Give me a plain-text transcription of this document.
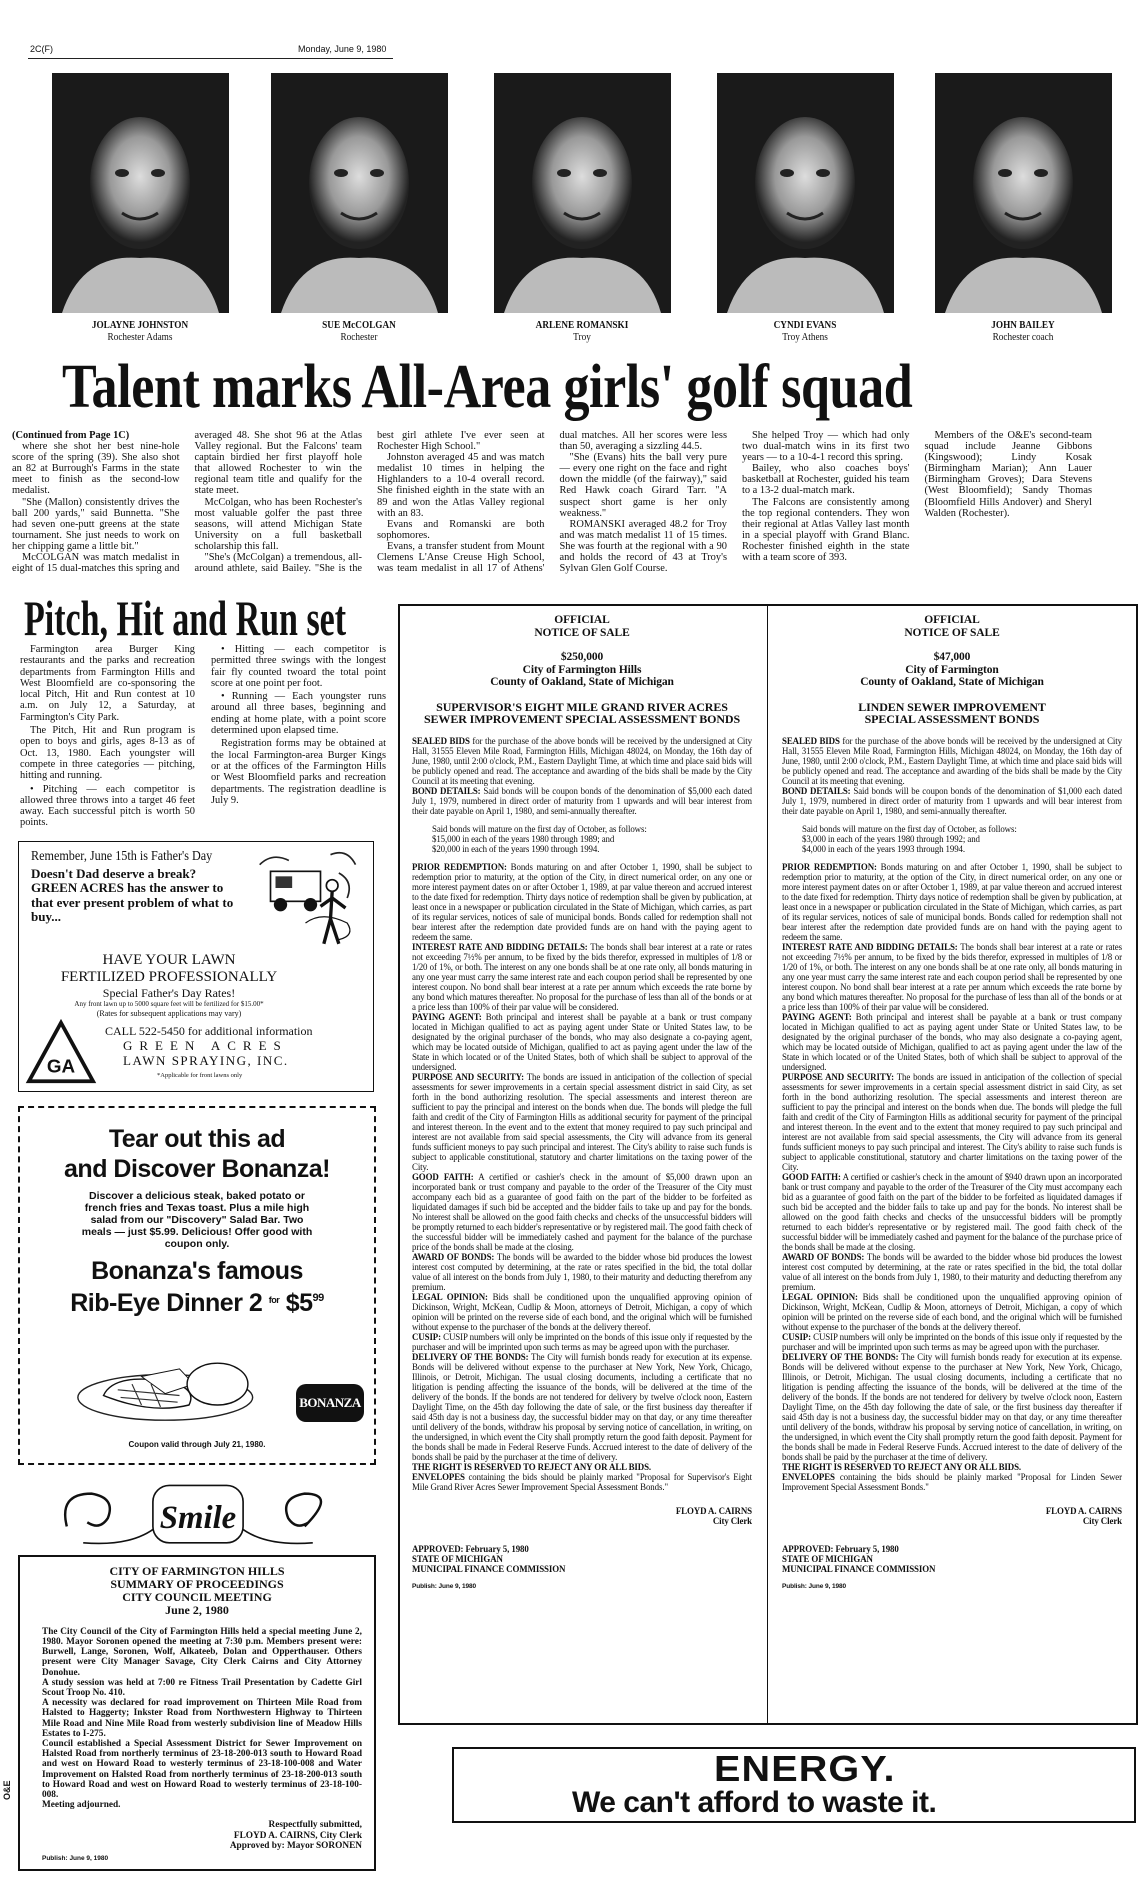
2C(F)	Monday, June 9, 1980
JOLAYNE JOHNSTON
Rochester Adams
SUE McCOLGAN
Rochester
ARLENE ROMANSKI
Troy
CYNDI EVANS
Troy Athens
JOHN BAILEY
Rochester coach
Talent marks All-Area girls' golf squad

(Continued from Page 1C)

where she shot her best nine-hole score of the spring (39). She also shot an 82 at Burrough's Farms in the state meet to finish as the second-low medalist.

"She (Mallon) consistently drives the ball 200 yards," said Bunnetta. "She had seven one-putt greens at the state tournament. She just needs to work on her chipping game a little bit."

McCOLGAN was match medalist in eight of 15 dual-matches this spring and averaged 48. She shot 96 at the Atlas Valley regional. But the Falcons' team captain birdied her first playoff hole that allowed Rochester to win the regional team title and qualify for the state meet.

McColgan, who has been Rochester's most valuable golfer the past three seasons, will attend Michigan State University on a full basketball scholarship this fall.

"She's (McColgan) a tremendous, all-around athlete, said Bailey. "She is the best girl athlete I've ever seen at Rochester High School."

Johnston averaged 45 and was match medalist 10 times in helping the Highlanders to a 10-4 overall record. She finished eighth in the state with an 89 and won the Atlas Valley regional with an 83.

Evans and Romanski are both sophomores.

Evans, a transfer student from Mount Clemens L'Anse Creuse High School, was team medalist in all 17 of Athens' dual matches. All her scores were less than 50, averaging a sizzling 44.5.

"She (Evans) hits the ball very pure — every one right on the face and right down the middle (of the fairway)," said Red Hawk coach Girard Tarr. "A suspect short game is her only weakness."

ROMANSKI averaged 48.2 for Troy and was match medalist 11 of 15 times. She was fourth at the regional with a 90 and holds the record of 43 at Troy's Sylvan Glen Golf Course.

She helped Troy — which had only two dual-match wins in its first two years — to a 10-4-1 record this spring.

Bailey, who also coaches boys' basketball at Rochester, guided his team to a 13-2 dual-match mark.

The Falcons are consistently among the top regional contenders. They won their regional at Atlas Valley last month in a special playoff with Grand Blanc. Rochester finished eighth in the state with a team score of 393.

Members of the O&E's second-team squad include Jeanne Gibbons (Kingswood); Lindy Kosak (Birmingham Marian); Ann Lauer (Birmingham Groves); Dara Stevens (West Bloomfield); Sandy Thomas (Bloomfield Hills Andover) and Sheryl Walden (Rochester).

Pitch, Hit and Run set

Farmington area Burger King restaurants and the parks and recreation departments from Farmington Hills and West Bloomfield are co-sponsoring the local Pitch, Hit and Run contest at 10 a.m. on July 12, a Saturday, at Farmington's City Park.

The Pitch, Hit and Run program is open to boys and girls, ages 8-13 as of Oct. 13, 1980. Each youngster will compete in three categories — pitching, hitting and running.

• Pitching — each competitor is allowed three throws into a target 46 feet away. Each successful pitch is worth 50 points.

• Hitting — each competitor is permitted three swings with the longest fair fly counted twoard the total point score at one point per foot.

• Running — Each youngster runs around all three bases, beginning and ending at home plate, with a point score determined upon elapsed time.

Registration forms may be obtained at the local Farmington-area Burger Kings or at the offices of the Farmington Hills or West Bloomfield parks and recreation departments. The registration deadline is July 9.

Remember, June 15th is Father's Day
Doesn't Dad deserve a break? GREEN ACRES has the answer to that ever present problem of what to buy...
HAVE YOUR LAWN
FERTILIZED PROFESSIONALLY
Special Father's Day Rates!
Any front lawn up to 5000 square feet will be fertilized for $15.00*
(Rates for subsequent applications may vary)
GA
CALL 522-5450 for additional information
GREEN ACRES
LAWN SPRAYING, INC.
*Applicable for front lawns only
Tear out this ad
and Discover Bonanza!
Discover a delicious steak, baked potato or french fries and Texas toast. Plus a mile high salad from our "Discovery" Salad Bar. Two meals — just $5.99. Delicious! Offer good with coupon only.
Bonanza's famous
Rib-Eye Dinner 2 $^{for}$ $\$5^{99}$
BONANZA
Coupon valid through July 21, 1980.
Smile
CITY OF FARMINGTON HILLS
SUMMARY OF PROCEEDINGS
CITY COUNCIL MEETING
June 2, 1980

The City Council of the City of Farmington Hills held a special meeting June 2, 1980. Mayor Soronen opened the meeting at 7:30 p.m. Members present were: Burwell, Lange, Soronen, Wolf, Alkateeb, Dolan and Opperthauser. Others present were City Manager Savage, City Clerk Cairns and City Attorney Donohue.

A study session was held at 7:00 re Fitness Trail Presentation by Cadette Girl Scout Troop No. 410.

A necessity was declared for road improvement on Thirteen Mile Road from Halsted to Haggerty; Inkster Road from Northwestern Highway to Thirteen Mile Road and Nine Mile Road from westerly subdivision line of Meadow Hills Estates to I-275.

Council established a Special Assessment District for Sewer Improvement on Halsted Road from northerly terminus of 23-18-200-013 south to Howard Road and west on Howard Road to westerly terminus of 23-18-100-008 and Water Improvement on Halsted Road from northerly terminus of 23-18-200-013 south to Howard Road and west on Howard Road to westerly terminus of 23-18-100-008.

Meeting adjourned.

Respectfully submitted,
FLOYD A. CAIRNS, City Clerk
Approved by: Mayor SORONEN
Publish: June 9, 1980
OFFICIAL
NOTICE OF SALE
$250,000
City of Farmington Hills
County of Oakland, State of Michigan
SUPERVISOR'S EIGHT MILE GRAND RIVER ACRES
SEWER IMPROVEMENT SPECIAL ASSESSMENT BONDS

SEALED BIDS for the purchase of the above bonds will be received by the undersigned at City Hall, 31555 Eleven Mile Road, Farmington Hills, Michigan 48024, on Monday, the 16th day of June, 1980, until 2:00 o'clock, P.M., Eastern Daylight Time, at which time and place said bids will be publicly opened and read. The acceptance and awarding of the bids shall be made by the City Council at its meeting that evening.

BOND DETAILS: Said bonds will be coupon bonds of the denomination of $5,000 each dated July 1, 1979, numbered in direct order of maturity from 1 upwards and will bear interest from their date payable on April 1, 1980, and semi-annually thereafter.

Said bonds will mature on the first day of October, as follows:
$15,000 in each of the years 1980 through 1989; and
$20,000 in each of the years 1990 through 1994.

PRIOR REDEMPTION: Bonds maturing on and after October 1, 1990, shall be subject to redemption prior to maturity, at the option of the City, in direct numerical order, on any one or more interest payment dates on or after October 1, 1989, at par value thereon and accrued interest to the date fixed for redemption. Thirty days notice of redemption shall be given by publication, at least once in a newspaper or publication circulated in the State of Michigan, which carries, as part of its regular services, notices of sale of municipal bonds. Bonds called for redemption shall not bear interest after the redemption date provided funds are on hand with the paying agent to redeem the same.

INTEREST RATE AND BIDDING DETAILS: The bonds shall bear interest at a rate or rates not exceeding 7½% per annum, to be fixed by the bids therefor, expressed in multiples of 1/8 or 1/20 of 1%, or both. The interest on any one bonds shall be at one rate only, all bonds maturing in any one year must carry the same interest rate and each coupon period shall be represented by one interest coupon. No bond shall bear interest at a rate per annum which exceeds the rate borne by any bond which matures thereafter. No proposal for the purchase of less than all of the bonds or at a price less than 100% of their par value will be considered.

PAYING AGENT: Both principal and interest shall be payable at a bank or trust company located in Michigan qualified to act as paying agent under State or United States law, to be designated by the original purchaser of the bonds, who may also designate a co-paying agent, which may be located outside of Michigan, qualified to act as paying agent under the law of the State in which located or of the United States, both of which shall be subject to approval of the undersigned.

PURPOSE AND SECURITY: The bonds are issued in anticipation of the collection of special assessments for sewer improvements in a certain special assessment district in said City, as set forth in the bond authorizing resolution. The special assessments and interest thereon are sufficient to pay the principal and interest on the bonds when due. The bonds will pledge the full faith and credit of the City of Farmington Hills as additional security for payment of the principal and interest thereon. In the event and to the extent that money required to pay such principal and interest are not available from said special assessments, the City will advance from its general funds sufficient moneys to pay such principal and interest. The City's ability to raise such funds is subject to applicable constitutional, statutory and charter limitations on the taxing power of the City.

GOOD FAITH: A certified or cashier's check in the amount of $5,000 drawn upon an incorporated bank or trust company and payable to the order of the Treasurer of the City must accompany each bid as a guarantee of good faith on the part of the bidder to be forfeited as liquidated damages if such bid be accepted and the bidder fails to take up and pay for the bonds. No interest shall be allowed on the good faith checks and checks of the unsuccessful bidders will be promptly returned to each bidder's representative or by registered mail. The good faith check of the successful bidder will be immediately cashed and payment for the balance of the purchase price of the bonds shall be made at the closing.

AWARD OF BONDS: The bonds will be awarded to the bidder whose bid produces the lowest interest cost computed by determining, at the rate or rates specified in the bid, the total dollar value of all interest on the bonds from July 1, 1980, to their maturity and deducting therefrom any premium.

LEGAL OPINION: Bids shall be conditioned upon the unqualified approving opinion of Dickinson, Wright, McKean, Cudlip & Moon, attorneys of Detroit, Michigan, a copy of which opinion will be printed on the reverse side of each bond, and the original which will be furnished without expense to the purchaser of the bonds at the delivery thereof.

CUSIP: CUSIP numbers will only be imprinted on the bonds of this issue only if requested by the purchaser and will be imprinted upon such terms as may be agreed upon with the purchaser.

DELIVERY OF THE BONDS: The City will furnish bonds ready for execution at its expense. Bonds will be delivered without expense to the purchaser at New York, New York, Chicago, Illinois, or Detroit, Michigan. The usual closing documents, including a certificate that no litigation is pending affecting the issuance of the bonds, will be delivered at the time of the delivery of the bonds. If the bonds are not tendered for delivery by twelve o'clock noon, Eastern Daylight Time, on the 45th day following the date of sale, or the first business day thereafter if said 45th day is not a business day, the successful bidder may on that day, or any time thereafter until delivery of the bonds, withdraw his proposal by serving notice of cancellation, in writing, on the undersigned, in which event the City shall promptly return the good faith deposit. Payment for the bonds shall be made in Federal Reserve Funds. Accrued interest to the date of delivery of the bonds shall be paid by the purchaser at the time of delivery.

THE RIGHT IS RESERVED TO REJECT ANY OR ALL BIDS.

ENVELOPES containing the bids should be plainly marked "Proposal for Supervisor's Eight Mile Grand River Acres Sewer Improvement Special Assessment Bonds."

FLOYD A. CAIRNS
City Clerk
APPROVED: February 5, 1980
STATE OF MICHIGAN
MUNICIPAL FINANCE COMMISSION
Publish: June 9, 1980
OFFICIAL
NOTICE OF SALE
$47,000
City of Farmington
County of Oakland, State of Michigan
LINDEN SEWER IMPROVEMENT
SPECIAL ASSESSMENT BONDS

SEALED BIDS for the purchase of the above bonds will be received by the undersigned at City Hall, 31555 Eleven Mile Road, Farmington Hills, Michigan 48024, on Monday, the 16th day of June, 1980, until 2:00 o'clock, P.M., Eastern Daylight Time, at which time and place said bids will be publicly opened and read. The acceptance and awarding of the bids shall be made by the City Council at its meeting that evening.

BOND DETAILS: Said bonds will be coupon bonds of the denomination of $1,000 each dated July 1, 1979, numbered in direct order of maturity from 1 upwards and will bear interest from their date payable on April 1, 1980, and semi-annually thereafter.

Said bonds will mature on the first day of October, as follows:
$3,000 in each of the years 1980 through 1992; and
$4,000 in each of the years 1993 through 1994.

PRIOR REDEMPTION: Bonds maturing on and after October 1, 1990, shall be subject to redemption prior to maturity, at the option of the City, in direct numerical order, on any one or more interest payment dates on or after October 1, 1989, at par value thereon and accrued interest to the date fixed for redemption. Thirty days notice of redemption shall be given by publication, at least once in a newspaper or publication circulated in the State of Michigan, which carries, as part of its regular services, notices of sale of municipal bonds. Bonds called for redemption shall not bear interest after the redemption date provided funds are on hand with the paying agent to redeem the same.

INTEREST RATE AND BIDDING DETAILS: The bonds shall bear interest at a rate or rates not exceeding 7½% per annum, to be fixed by the bids therefor, expressed in multiples of 1/8 or 1/20 of 1%, or both. The interest on any one bonds shall be at one rate only, all bonds maturing in any one year must carry the same interest rate and each coupon period shall be represented by one interest coupon. No bond shall bear interest at a rate per annum which exceeds the rate borne by any bond which matures thereafter. No proposal for the purchase of less than all of the bonds or at a price less than 100% of their par value will be considered.

PAYING AGENT: Both principal and interest shall be payable at a bank or trust company located in Michigan qualified to act as paying agent under State or United States law, to be designated by the original purchaser of the bonds, who may also designate a co-paying agent, which may be located outside of Michigan, qualified to act as paying agent under the law of the State in which located or of the United States, both of which shall be subject to approval of the undersigned.

PURPOSE AND SECURITY: The bonds are issued in anticipation of the collection of special assessments for sewer improvements in a certain special assessment district in said City, as set forth in the bond authorizing resolution. The special assessments and interest thereon are sufficient to pay the principal and interest on the bonds when due. The bonds will pledge the full faith and credit of the City of Farmington Hills as additional security for payment of the principal and interest thereon. In the event and to the extent that money required to pay such principal and interest are not available from said special assessments, the City will advance from its general funds sufficient moneys to pay such principal and interest. The City's ability to raise such funds is subject to applicable constitutional, statutory and charter limitations on the taxing power of the City.

GOOD FAITH: A certified or cashier's check in the amount of $940 drawn upon an incorporated bank or trust company and payable to the order of the Treasurer of the City must accompany each bid as a guarantee of good faith on the part of the bidder to be forfeited as liquidated damages if such bid be accepted and the bidder fails to take up and pay for the bonds. No interest shall be allowed on the good faith checks and checks of the unsuccessful bidders will be promptly returned to each bidder's representative or by registered mail. The good faith check of the successful bidder will be immediately cashed and payment for the balance of the purchase price of the bonds shall be made at the closing.

AWARD OF BONDS: The bonds will be awarded to the bidder whose bid produces the lowest interest cost computed by determining, at the rate or rates specified in the bid, the total dollar value of all interest on the bonds from July 1, 1980, to their maturity and deducting therefrom any premium.

LEGAL OPINION: Bids shall be conditioned upon the unqualified approving opinion of Dickinson, Wright, McKean, Cudlip & Moon, attorneys of Detroit, Michigan, a copy of which opinion will be printed on the reverse side of each bond, and the original which will be furnished without expense to the purchaser of the bonds at the delivery thereof.

CUSIP: CUSIP numbers will only be imprinted on the bonds of this issue only if requested by the purchaser and will be imprinted upon such terms as may be agreed upon with the purchaser.

DELIVERY OF THE BONDS: The City will furnish bonds ready for execution at its expense. Bonds will be delivered without expense to the purchaser at New York, New York, Chicago, Illinois, or Detroit, Michigan. The usual closing documents, including a certificate that no litigation is pending affecting the issuance of the bonds, will be delivered at the time of the delivery of the bonds. If the bonds are not tendered for delivery by twelve o'clock noon, Eastern Daylight Time, on the 45th day following the date of sale, or the first business day thereafter if said 45th day is not a business day, the successful bidder may on that day, or any time thereafter until delivery of the bonds, withdraw his proposal by serving notice of cancellation, in writing, on the undersigned, in which event the City shall promptly return the good faith deposit. Payment for the bonds shall be made in Federal Reserve Funds. Accrued interest to the date of delivery of the bonds shall be paid by the purchaser at the time of delivery.

THE RIGHT IS RESERVED TO REJECT ANY OR ALL BIDS.

ENVELOPES containing the bids should be plainly marked "Proposal for Linden Sewer Improvement Special Assessment Bonds."

FLOYD A. CAIRNS
City Clerk
APPROVED: February 5, 1980
STATE OF MICHIGAN
MUNICIPAL FINANCE COMMISSION
Publish: June 9, 1980
ENERGY.
We can't afford to waste it.
O&E
